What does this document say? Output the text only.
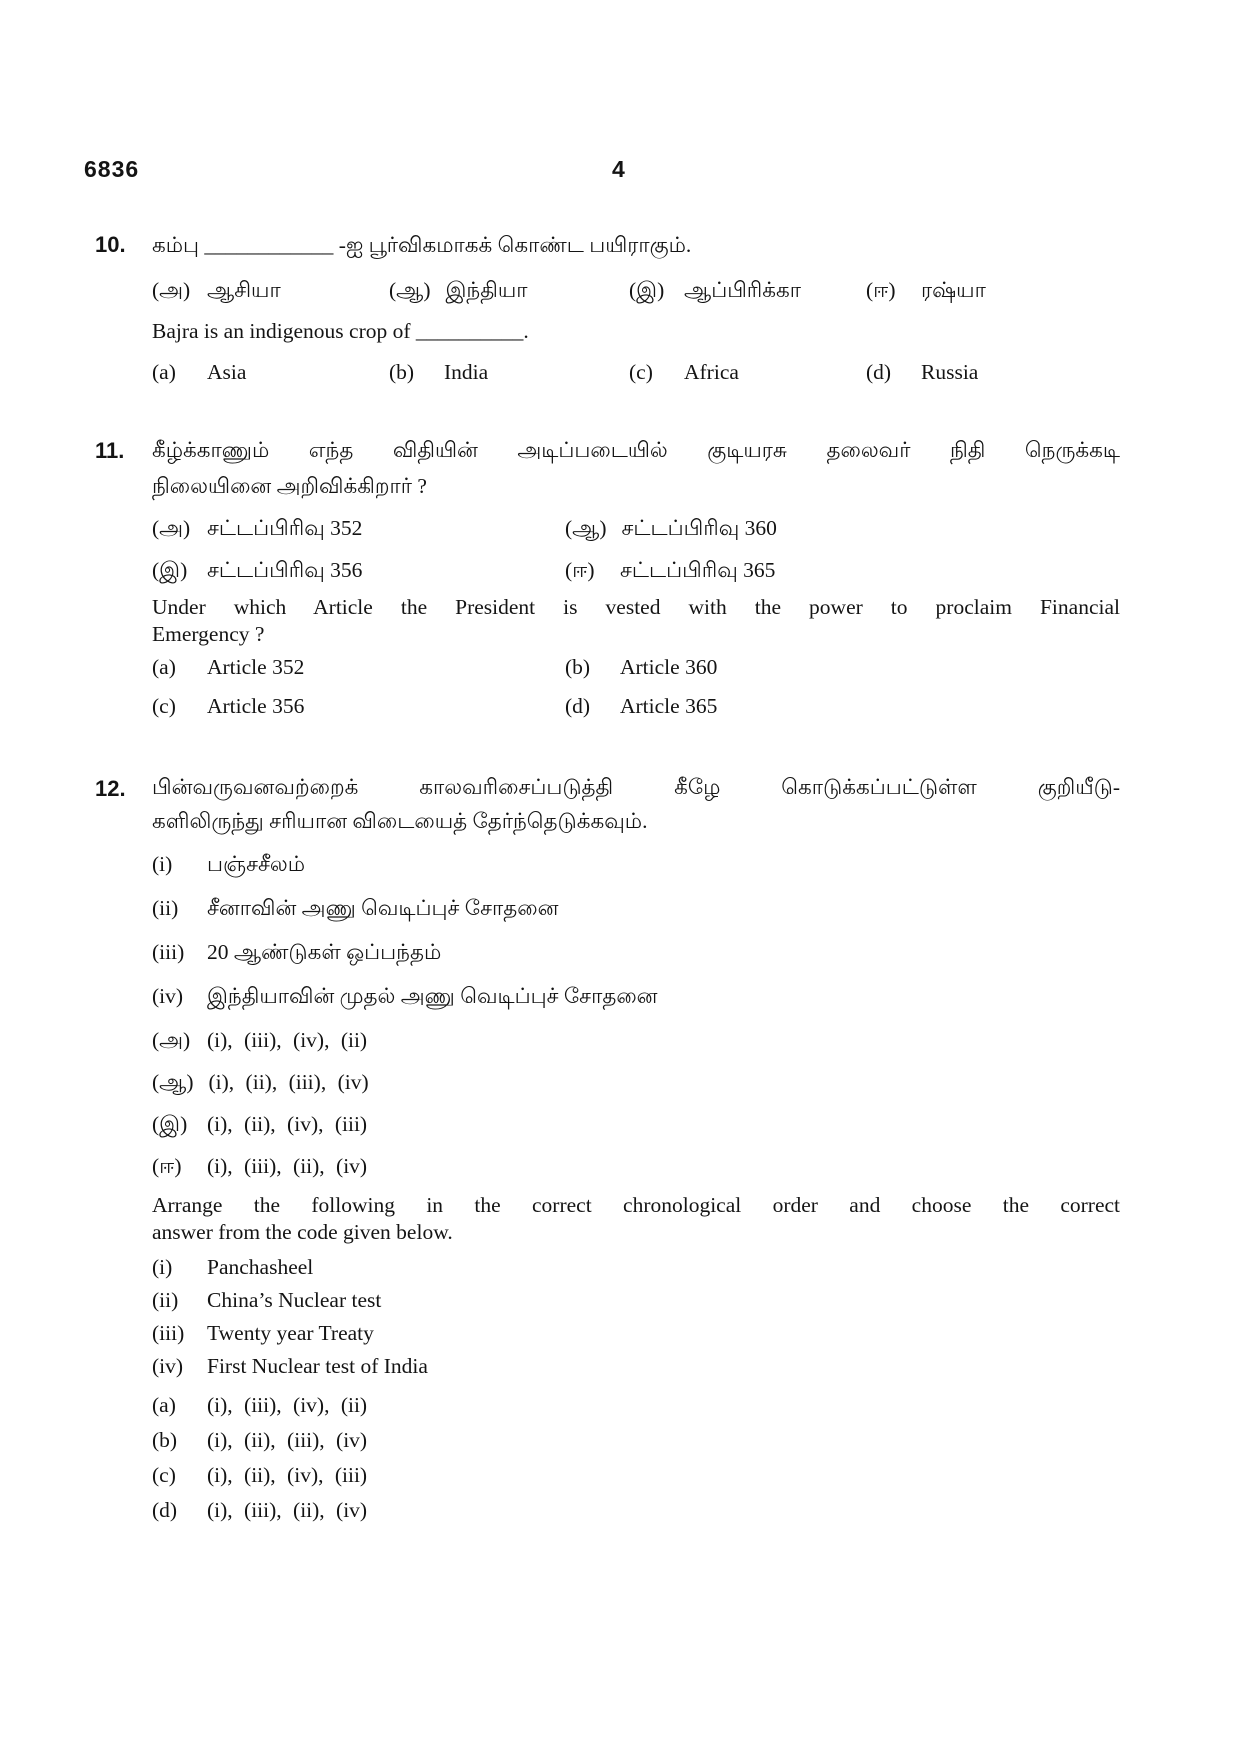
6836	4
10.	கம்பு ____________ -ஐ பூர்விகமாகக் கொண்ட பயிராகும்.
(அ) ஆசியா	(ஆ) இந்தியா	(இ) ஆப்பிரிக்கா	(ஈ)	ரஷ்யா
Bajra is an indigenous crop of __________.
(a)	Asia	(b)	India	(c)	Africa	(d)	Russia
11.	கீழ்க்காணும் எந்த விதியின் அடிப்படையில் குடியரசு தலைவர் நிதி நெருக்கடி
நிலையினை அறிவிக்கிறார் ?
(அ) சட்டப்பிரிவு 352	(ஆ) சட்டப்பிரிவு 360
(இ) சட்டப்பிரிவு 356	(ஈ)	சட்டப்பிரிவு 365
Under which Article the President is vested with the power to proclaim Financial
Emergency ?
(a)	Article 352	(b)	Article 360
(c)	Article 356	(d)	Article 365
12.	பின்வருவனவற்றைக் காலவரிசைப்படுத்தி கீழே கொடுக்கப்பட்டுள்ள குறியீடு-
களிலிருந்து சரியான விடையைத் தேர்ந்தெடுக்கவும்.
(i)	பஞ்சசீலம்
(ii)	சீனாவின் அணு வெடிப்புச் சோதனை
(iii)	20 ஆண்டுகள் ஒப்பந்தம்
(iv)	இந்தியாவின் முதல் அணு வெடிப்புச் சோதனை
(அ) (i), (iii), (iv), (ii)
(ஆ) (i), (ii), (iii), (iv)
(இ) (i), (ii), (iv), (iii)
(ஈ)	(i), (iii), (ii), (iv)
Arrange the following in the correct chronological order and choose the correct
answer from the code given below.
(i)	Panchasheel
(ii)	China’s Nuclear test
(iii)	Twenty year Treaty
(iv)	First Nuclear test of India
(a)	(i), (iii), (iv), (ii)
(b)	(i), (ii), (iii), (iv)
(c)	(i), (ii), (iv), (iii)
(d)	(i), (iii), (ii), (iv)
